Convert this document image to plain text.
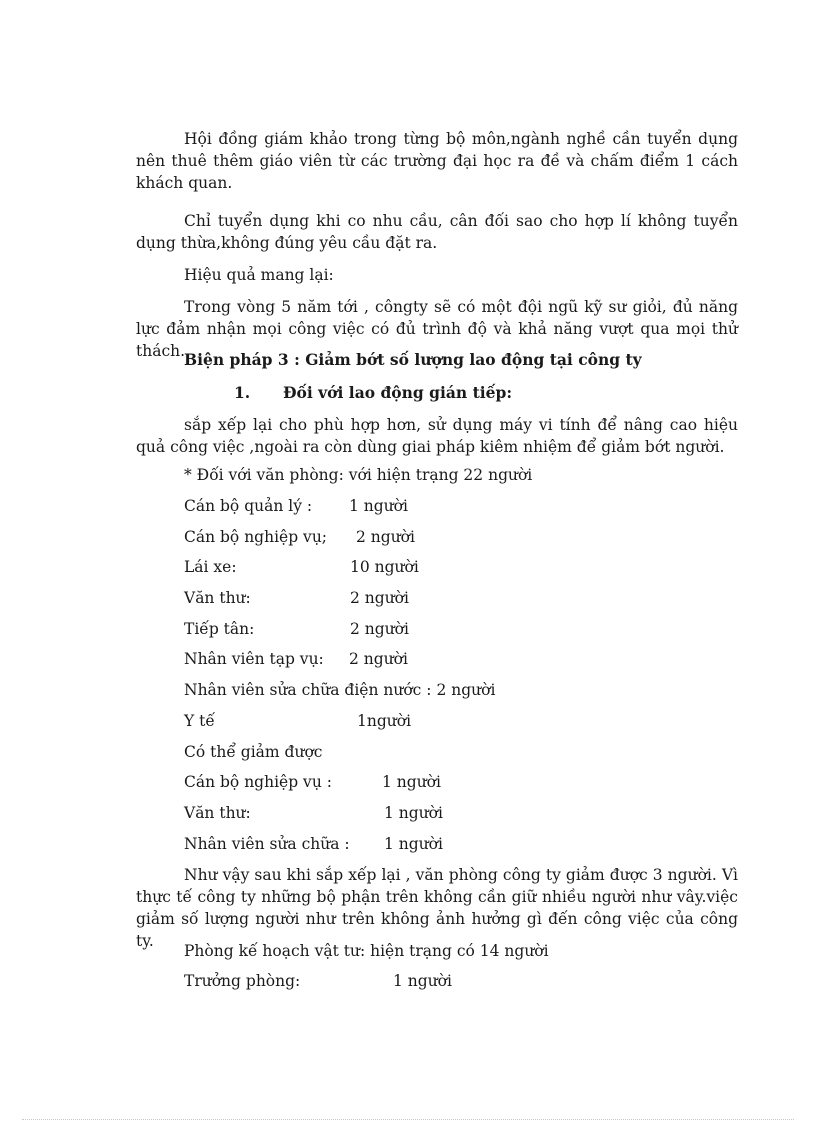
Hội đồng giám khảo trong từng bộ môn,ngành nghề cần tuyển dụng nên thuê thêm giáo viên từ các trường đại học ra đề và chấm điểm 1 cách khách quan.

Chỉ tuyển dụng khi co nhu cầu, cân đối sao cho hợp lí không tuyển dụng thừa,không đúng yêu cầu đặt ra.

Hiệu quả mang lại:

Trong vòng 5 năm tới , côngty sẽ có một đội ngũ kỹ sư giỏi, đủ năng lực đảm nhận mọi công việc có đủ trình độ và khả năng vượt qua mọi thử thách.

Biện pháp 3 : Giảm bớt số lượng lao động tại công ty

1. Đối với lao động gián tiếp:

sắp xếp lại cho phù hợp hơn, sử dụng máy vi tính để nâng cao hiệu quả công việc ,ngoài ra còn dùng giai pháp kiêm nhiệm để giảm bớt người.

* Đối với văn phòng: với hiện trạng 22 người

Cán bộ quản lý : 1 người
Cán bộ nghiệp vụ; 2 người
Lái xe:	10 người
Văn thư:	2 người
Tiếp tân:	2 người
Nhân viên tạp vụ: 2 người
Nhân viên sửa chữa điện nước : 2 người
Y tế	1người

Có thể giảm được

Cán bộ nghiệp vụ :	1 người
Văn thư:	1 người
Nhân viên sửa chữa : 1 người

Như vậy sau khi sắp xếp lại , văn phòng công ty giảm được 3 người. Vì thực tế công ty những bộ phận trên không cần giữ nhiều người như vây.việc giảm số lượng người như trên không ảnh hưởng gì đến công việc của công ty.

Phòng kế hoạch vật tư: hiện trạng có 14 người

Trưởng phòng:	1 người
